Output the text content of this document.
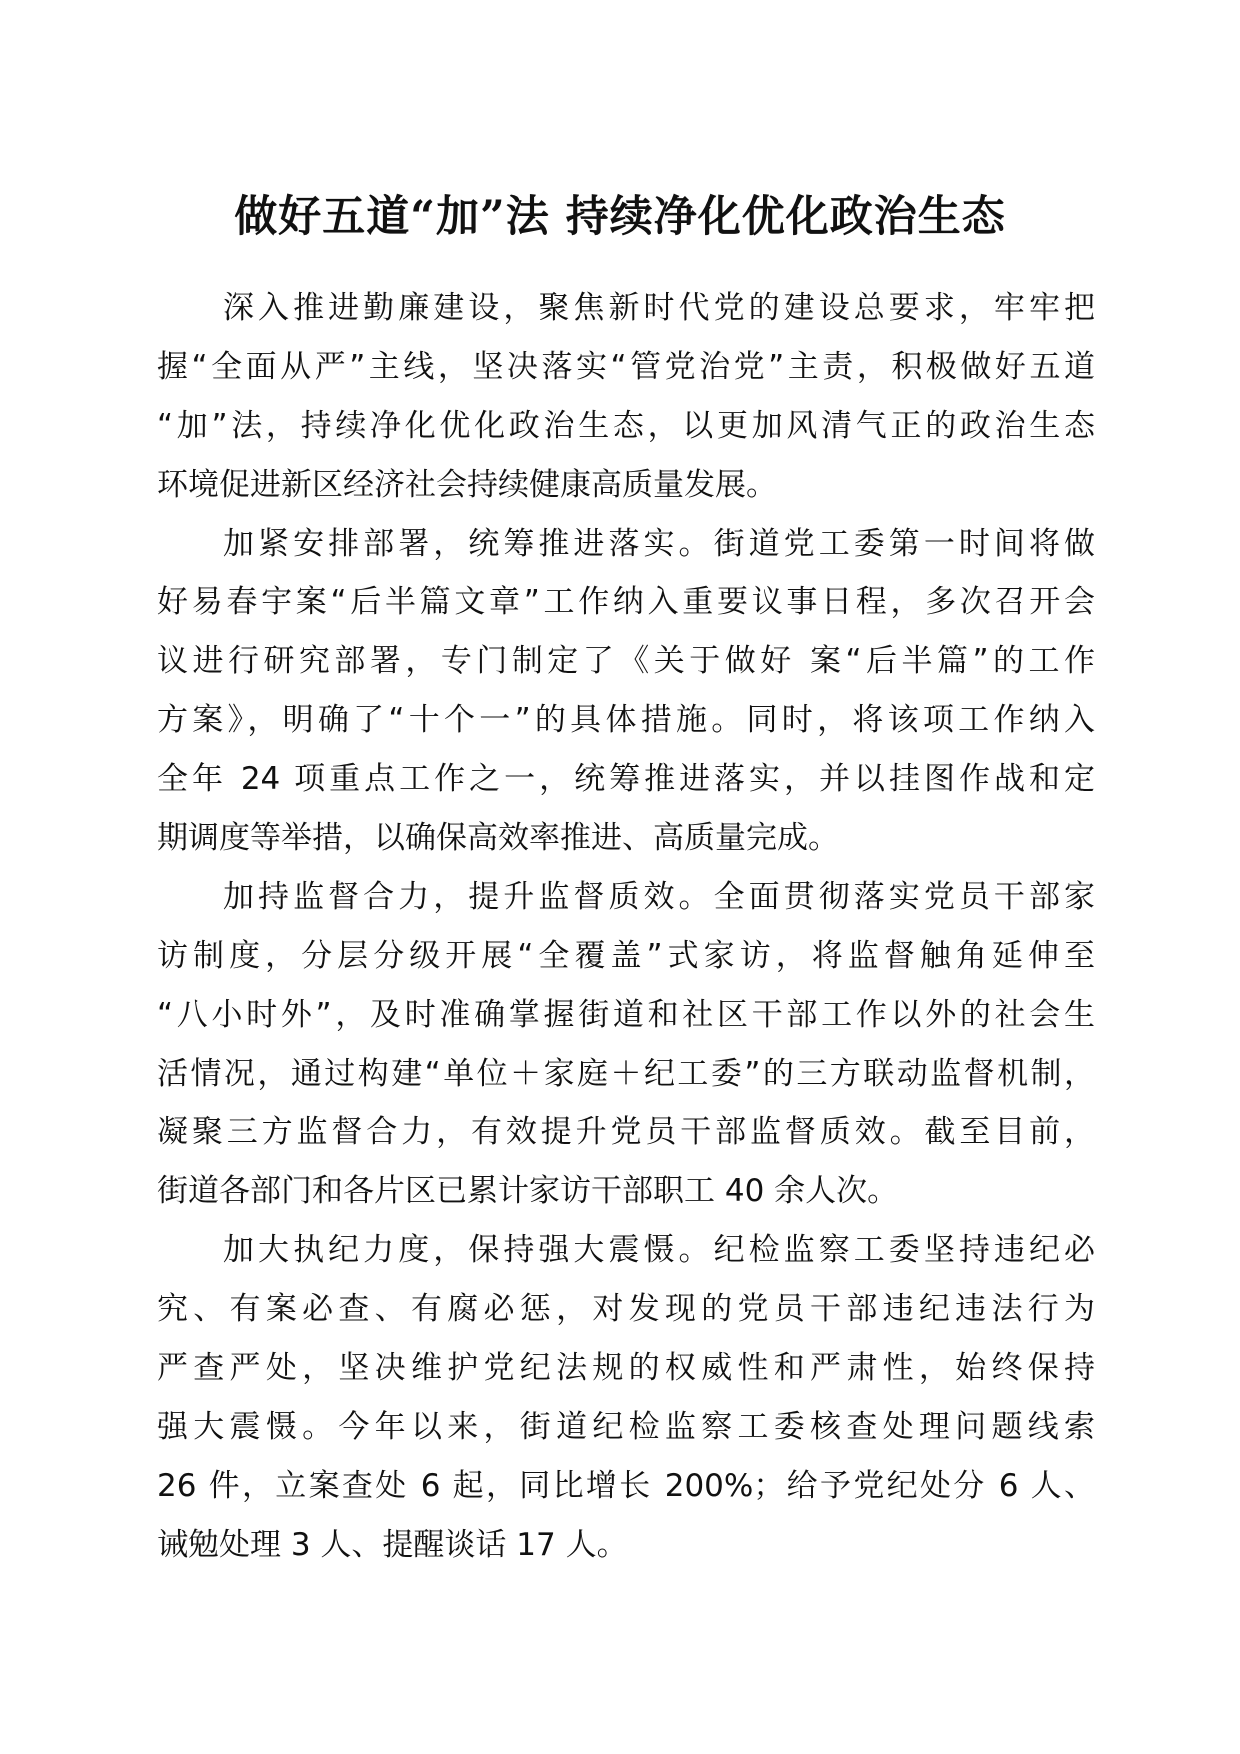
做好五道“加”法 持续净化优化政治生态

深入推进勤廉建设，聚焦新时代党的建设总要求，牢牢把
握“全面从严”主线，坚决落实“管党治党”主责，积极做好五道
“加”法，持续净化优化政治生态，以更加风清气正的政治生态
环境促进新区经济社会持续健康高质量发展。

加紧安排部署，统筹推进落实。街道党工委第一时间将做
好易春宇案“后半篇文章”工作纳入重要议事日程，多次召开会
议进行研究部署，专门制定了《关于做好 案“后半篇”的工作
方案》，明确了“十个一”的具体措施。同时，将该项工作纳入
全年 24 项重点工作之一，统筹推进落实，并以挂图作战和定
期调度等举措，以确保高效率推进、高质量完成。

加持监督合力，提升监督质效。全面贯彻落实党员干部家
访制度，分层分级开展“全覆盖”式家访，将监督触角延伸至
“八小时外”，及时准确掌握街道和社区干部工作以外的社会生
活情况，通过构建“单位＋家庭＋纪工委”的三方联动监督机制，
凝聚三方监督合力，有效提升党员干部监督质效。截至目前，
街道各部门和各片区已累计家访干部职工 40 余人次。

加大执纪力度，保持强大震慑。纪检监察工委坚持违纪必
究、有案必查、有腐必惩，对发现的党员干部违纪违法行为
严查严处，坚决维护党纪法规的权威性和严肃性，始终保持
强大震慑。今年以来，街道纪检监察工委核查处理问题线索
26 件，立案查处 6 起，同比增长 200%；给予党纪处分 6 人、
诫勉处理 3 人、提醒谈话 17 人。
